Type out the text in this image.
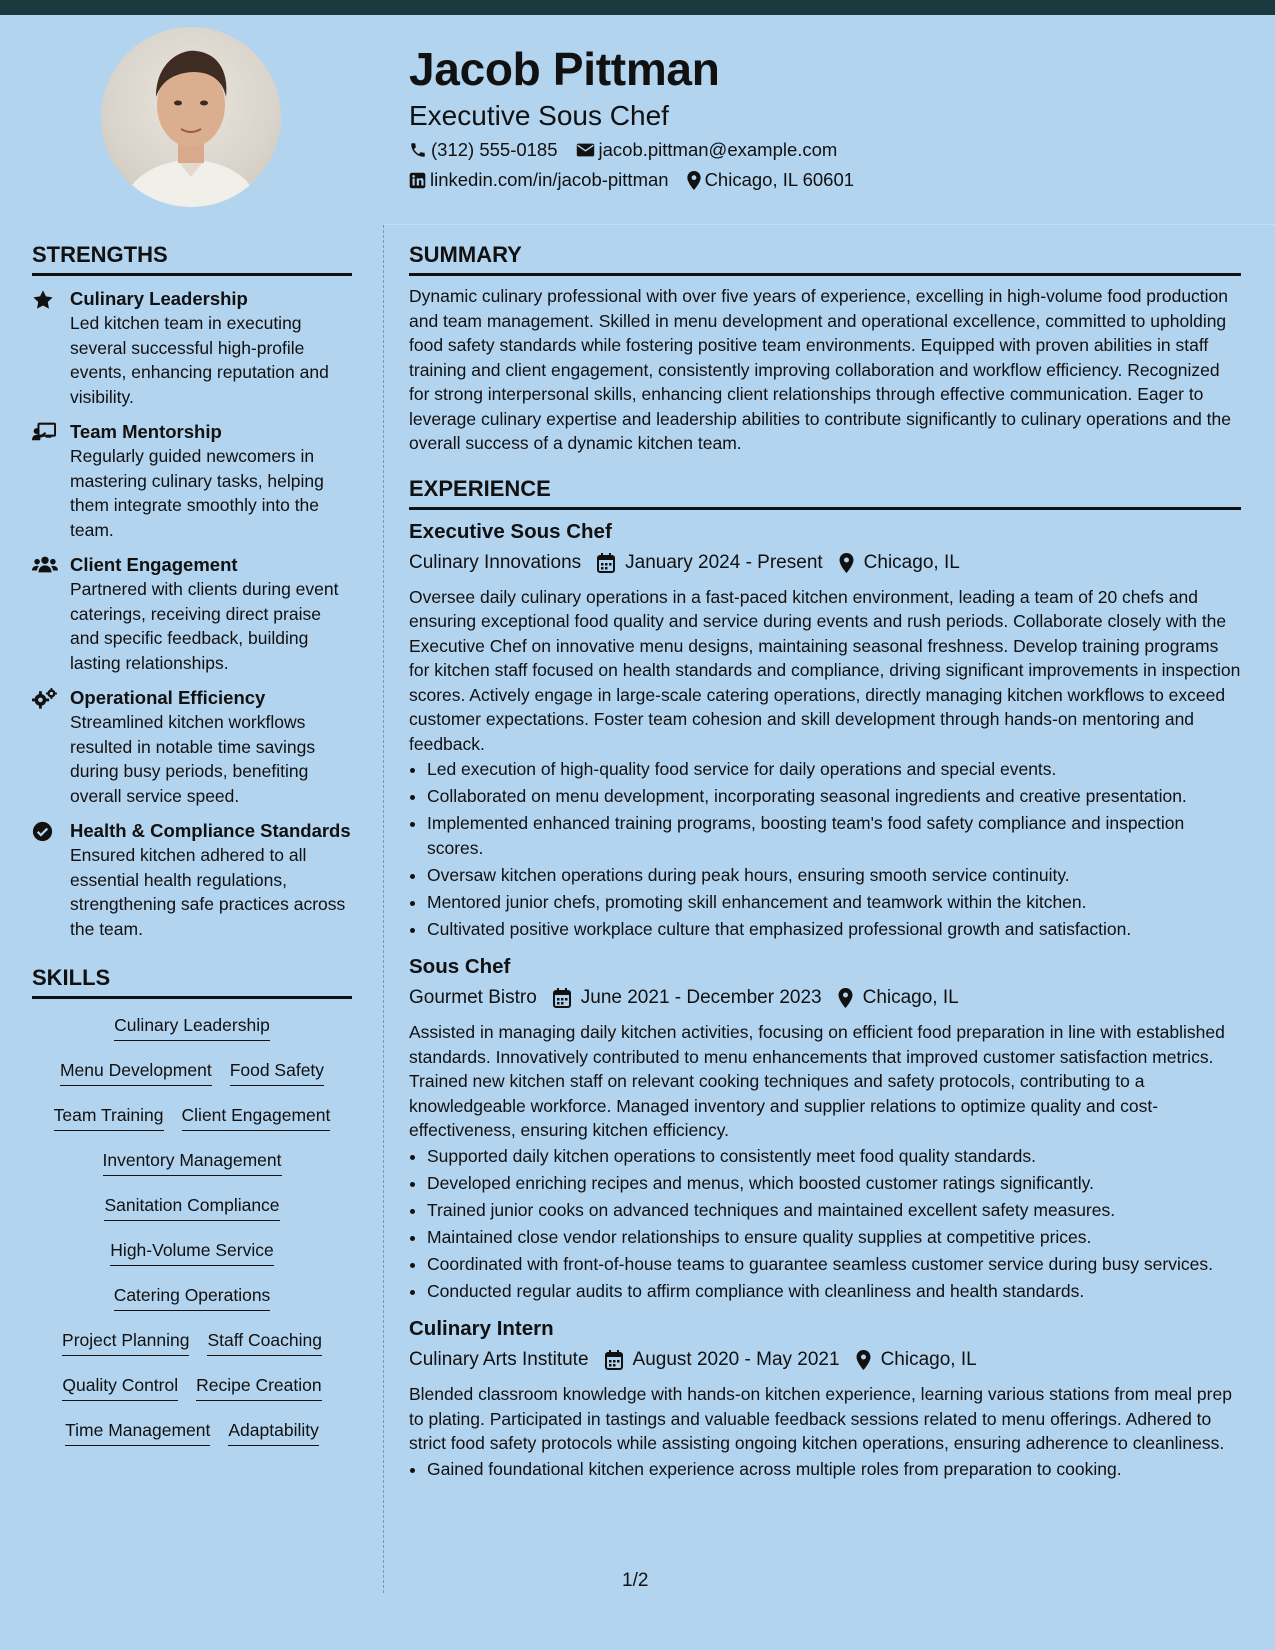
Jacob Pittman

Executive Sous Chef

(312) 555-0185 jacob.pittman@example.com
linkedin.com/in/jacob-pittman Chicago, IL 60601
STRENGTHS
Culinary Leadership
Led kitchen team in executing several successful high-profile events, enhancing reputation and visibility.
Team Mentorship
Regularly guided newcomers in mastering culinary tasks, helping them integrate smoothly into the team.
Client Engagement
Partnered with clients during event caterings, receiving direct praise and specific feedback, building lasting relationships.
Operational Efficiency
Streamlined kitchen workflows resulted in notable time savings during busy periods, benefiting overall service speed.
Health & Compliance Standards
Ensured kitchen adhered to all essential health regulations, strengthening safe practices across the team.
SKILLS
Culinary Leadership
Menu Development Food Safety
Team Training Client Engagement
Inventory Management
Sanitation Compliance
High-Volume Service
Catering Operations
Project Planning Staff Coaching
Quality Control Recipe Creation
Time Management Adaptability
SUMMARY

Dynamic culinary professional with over five years of experience, excelling in high-volume food production and team management. Skilled in menu development and operational excellence, committed to upholding food safety standards while fostering positive team environments. Equipped with proven abilities in staff training and client engagement, consistently improving collaboration and workflow efficiency. Recognized for strong interpersonal skills, enhancing client relationships through effective communication. Eager to leverage culinary expertise and leadership abilities to contribute significantly to culinary operations and the overall success of a dynamic kitchen team.

EXPERIENCE
Executive Sous Chef
Culinary Innovations January 2024 - Present Chicago, IL

Oversee daily culinary operations in a fast-paced kitchen environment, leading a team of 20 chefs and ensuring exceptional food quality and service during events and rush periods. Collaborate closely with the Executive Chef on innovative menu designs, maintaining seasonal freshness. Develop training programs for kitchen staff focused on health standards and compliance, driving significant improvements in inspection scores. Actively engage in large-scale catering operations, directly managing kitchen workflows to exceed customer expectations. Foster team cohesion and skill development through hands-on mentoring and feedback.

• Led execution of high-quality food service for daily operations and special events.
• Collaborated on menu development, incorporating seasonal ingredients and creative presentation.
• Implemented enhanced training programs, boosting team's food safety compliance and inspection scores.
• Oversaw kitchen operations during peak hours, ensuring smooth service continuity.
• Mentored junior chefs, promoting skill enhancement and teamwork within the kitchen.
• Cultivated positive workplace culture that emphasized professional growth and satisfaction.
Sous Chef
Gourmet Bistro June 2021 - December 2023 Chicago, IL

Assisted in managing daily kitchen activities, focusing on efficient food preparation in line with established standards. Innovatively contributed to menu enhancements that improved customer satisfaction metrics. Trained new kitchen staff on relevant cooking techniques and safety protocols, contributing to a knowledgeable workforce. Managed inventory and supplier relations to optimize quality and cost-effectiveness, ensuring kitchen efficiency.

• Supported daily kitchen operations to consistently meet food quality standards.
• Developed enriching recipes and menus, which boosted customer ratings significantly.
• Trained junior cooks on advanced techniques and maintained excellent safety measures.
• Maintained close vendor relationships to ensure quality supplies at competitive prices.
• Coordinated with front-of-house teams to guarantee seamless customer service during busy services.
• Conducted regular audits to affirm compliance with cleanliness and health standards.
Culinary Intern
Culinary Arts Institute August 2020 - May 2021 Chicago, IL

Blended classroom knowledge with hands-on kitchen experience, learning various stations from meal prep to plating. Participated in tastings and valuable feedback sessions related to menu offerings. Adhered to strict food safety protocols while assisting ongoing kitchen operations, ensuring adherence to cleanliness.

• Gained foundational kitchen experience across multiple roles from preparation to cooking.
1/2
